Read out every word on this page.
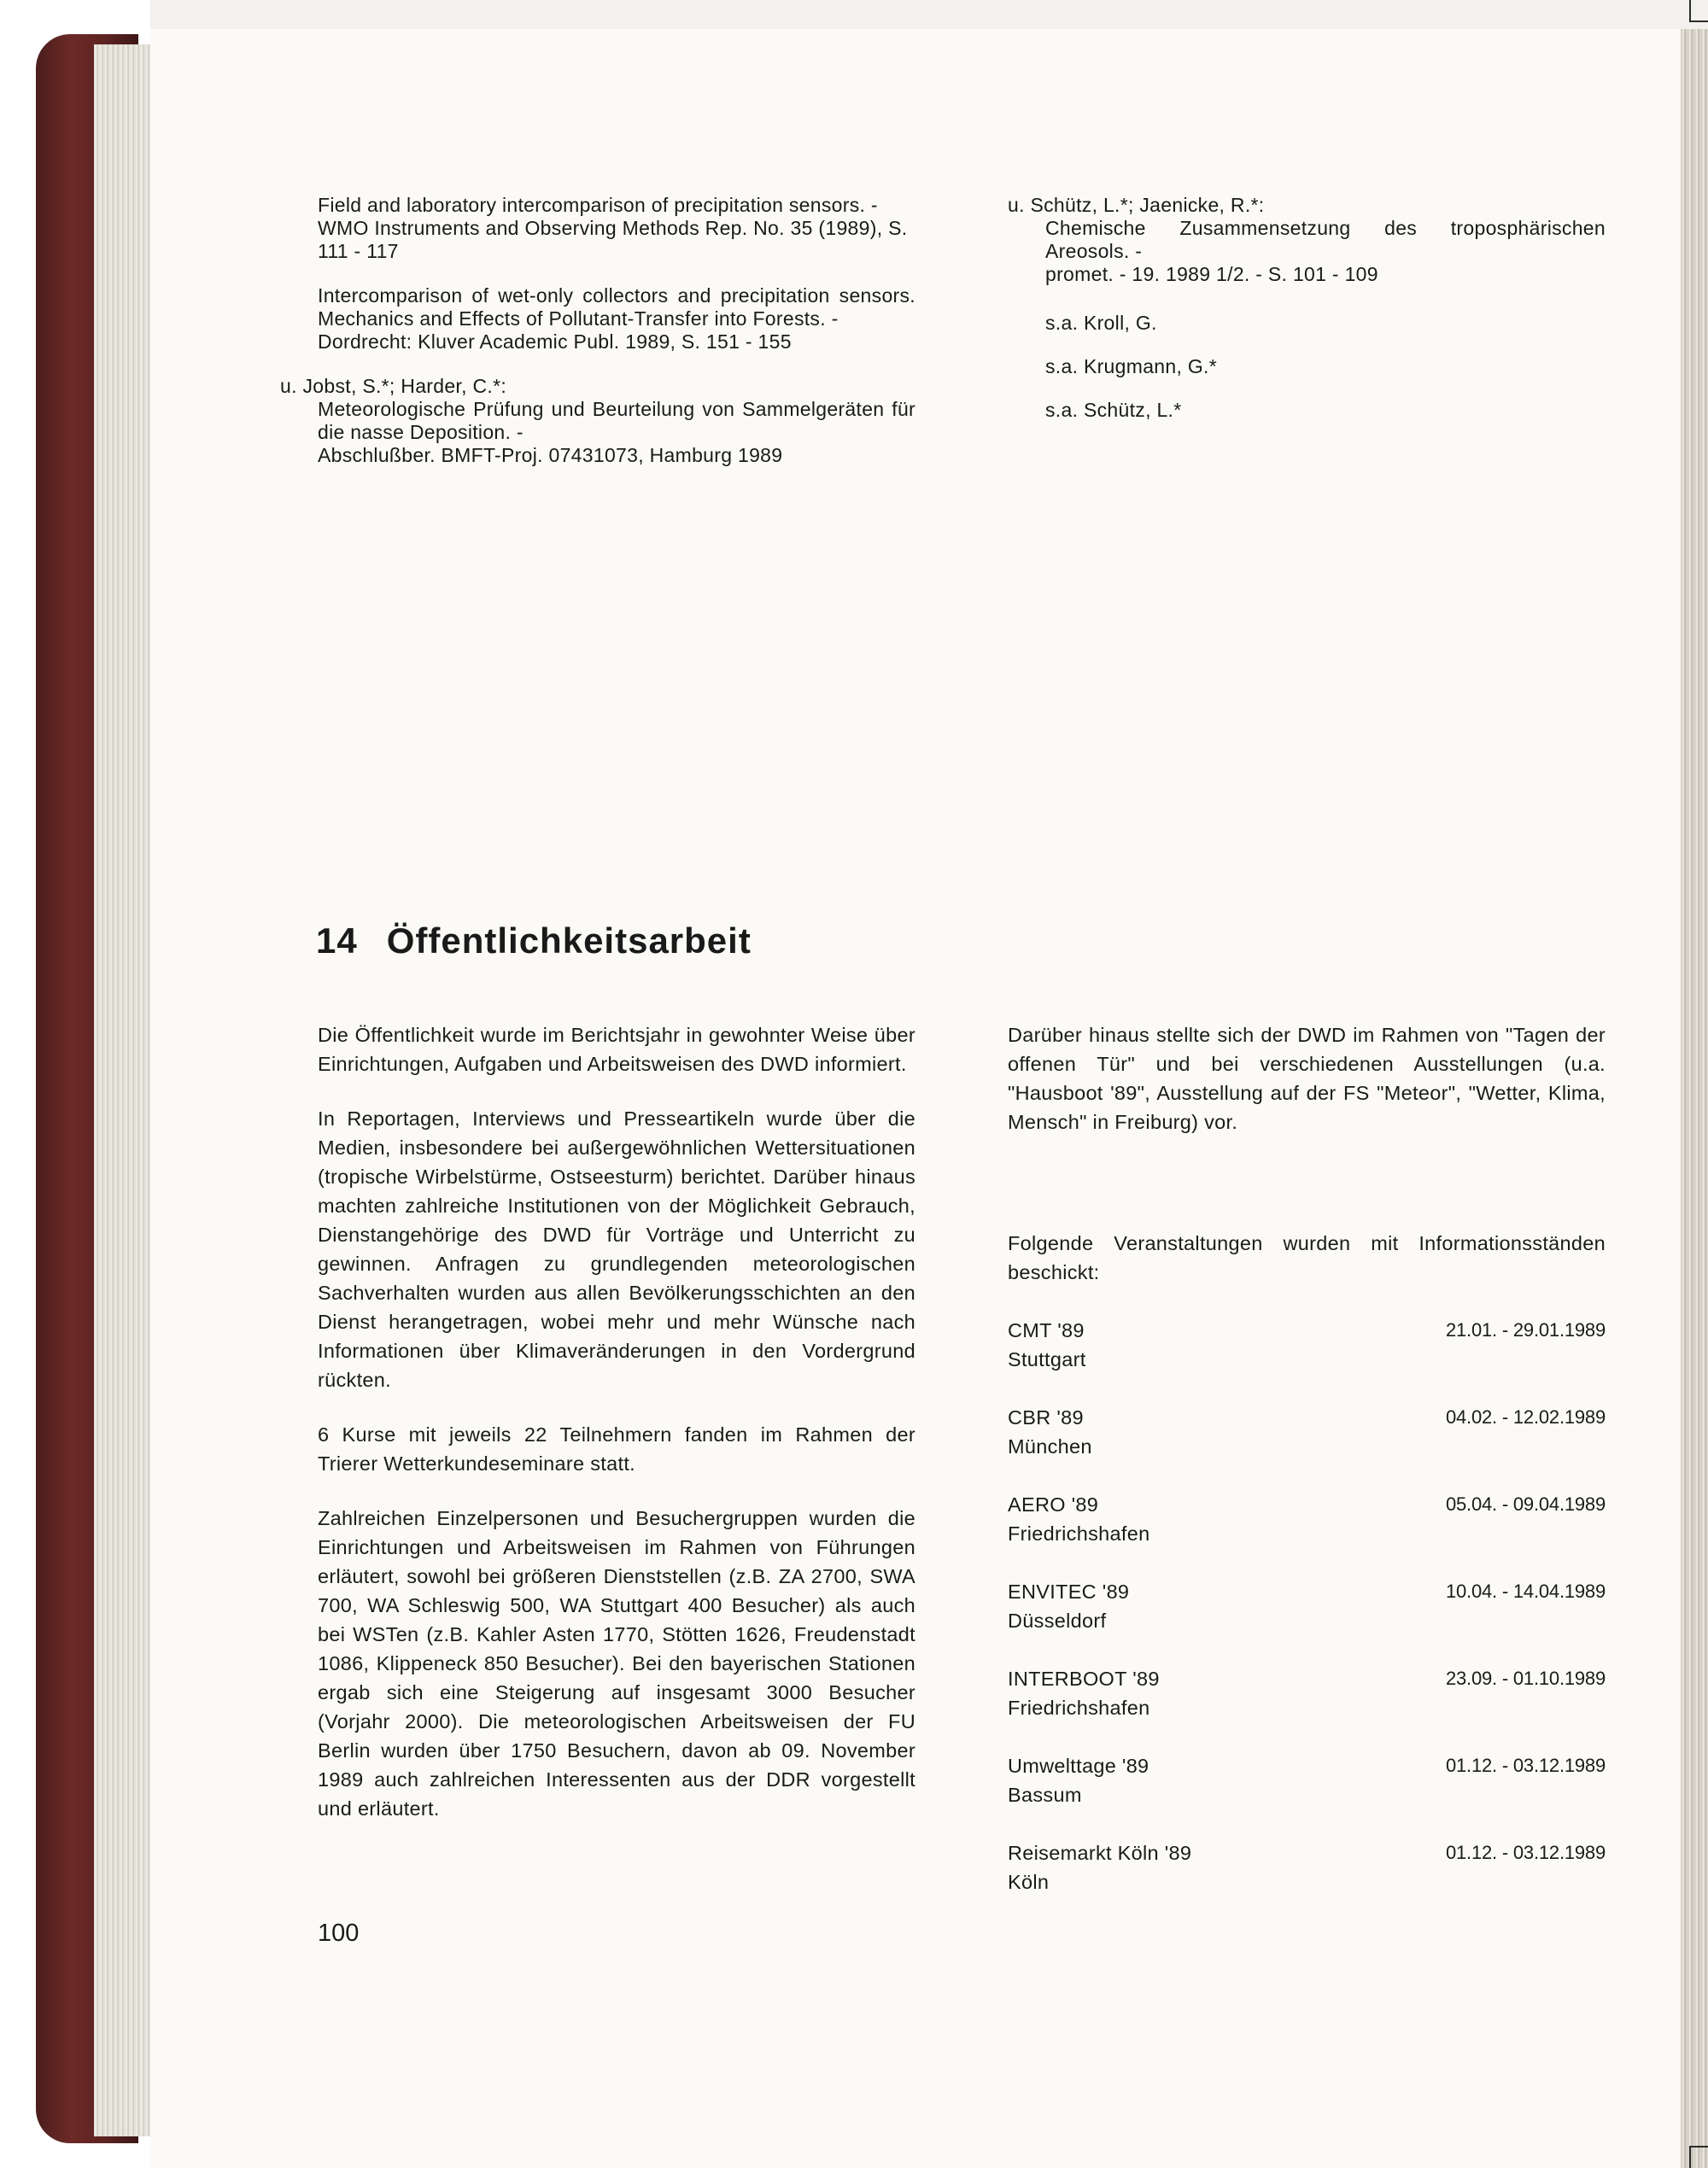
Field and laboratory intercomparison of precipitation sensors. -

WMO Instruments and Observing Methods Rep. No. 35 (1989), S. 111 - 117

Intercomparison of wet-only collectors and precipitation sensors. Mechanics and Effects of Pollutant-Transfer into Forests. -

Dordrecht: Kluver Academic Publ. 1989, S. 151 - 155

u. Jobst, S.*; Harder, C.*:

Meteorologische Prüfung und Beurteilung von Sammelgeräten für die nasse Deposition. -

Abschlußber. BMFT-Proj. 07431073, Hamburg 1989

u. Schütz, L.*; Jaenicke, R.*:

Chemische Zusammensetzung des troposphärischen Areosols. -

promet. - 19. 1989 1/2. - S. 101 - 109

s.a. Kroll, G.

s.a. Krugmann, G.*

s.a. Schütz, L.*

14 Öffentlichkeitsarbeit

Die Öffentlichkeit wurde im Berichtsjahr in gewohnter Weise über Einrichtungen, Aufgaben und Arbeitsweisen des DWD informiert.

In Reportagen, Interviews und Presseartikeln wurde über die Medien, insbesondere bei außergewöhnlichen Wettersituationen (tropische Wirbelstürme, Ostseesturm) berichtet. Darüber hinaus machten zahlreiche Institutionen von der Möglichkeit Gebrauch, Dienstangehörige des DWD für Vorträge und Unterricht zu gewinnen. Anfragen zu grundlegenden meteorologischen Sachverhalten wurden aus allen Bevölkerungsschichten an den Dienst herangetragen, wobei mehr und mehr Wünsche nach Informationen über Klimaveränderungen in den Vordergrund rückten.

6 Kurse mit jeweils 22 Teilnehmern fanden im Rahmen der Trierer Wetterkundeseminare statt.

Zahlreichen Einzelpersonen und Besuchergruppen wurden die Einrichtungen und Arbeitsweisen im Rahmen von Führungen erläutert, sowohl bei größeren Dienststellen (z.B. ZA 2700, SWA 700, WA Schleswig 500, WA Stuttgart 400 Besucher) als auch bei WSTen (z.B. Kahler Asten 1770, Stötten 1626, Freudenstadt 1086, Klippeneck 850 Besucher). Bei den bayerischen Stationen ergab sich eine Steigerung auf insgesamt 3000 Besucher (Vorjahr 2000). Die meteorologischen Arbeitsweisen der FU Berlin wurden über 1750 Besuchern, davon ab 09. November 1989 auch zahlreichen Interessenten aus der DDR vorgestellt und erläutert.

Darüber hinaus stellte sich der DWD im Rahmen von "Tagen der offenen Tür" und bei verschiedenen Ausstellungen (u.a. "Hausboot '89", Ausstellung auf der FS "Meteor", "Wetter, Klima, Mensch" in Freiburg) vor.

Folgende Veranstaltungen wurden mit Informationsständen beschickt:

CMT '89
Stuttgart
21.01. - 29.01.1989
CBR '89
München
04.02. - 12.02.1989
AERO '89
Friedrichshafen
05.04. - 09.04.1989
ENVITEC '89
Düsseldorf
10.04. - 14.04.1989
INTERBOOT '89
Friedrichshafen
23.09. - 01.10.1989
Umwelttage '89
Bassum
01.12. - 03.12.1989
Reisemarkt Köln '89
Köln
01.12. - 03.12.1989

100
